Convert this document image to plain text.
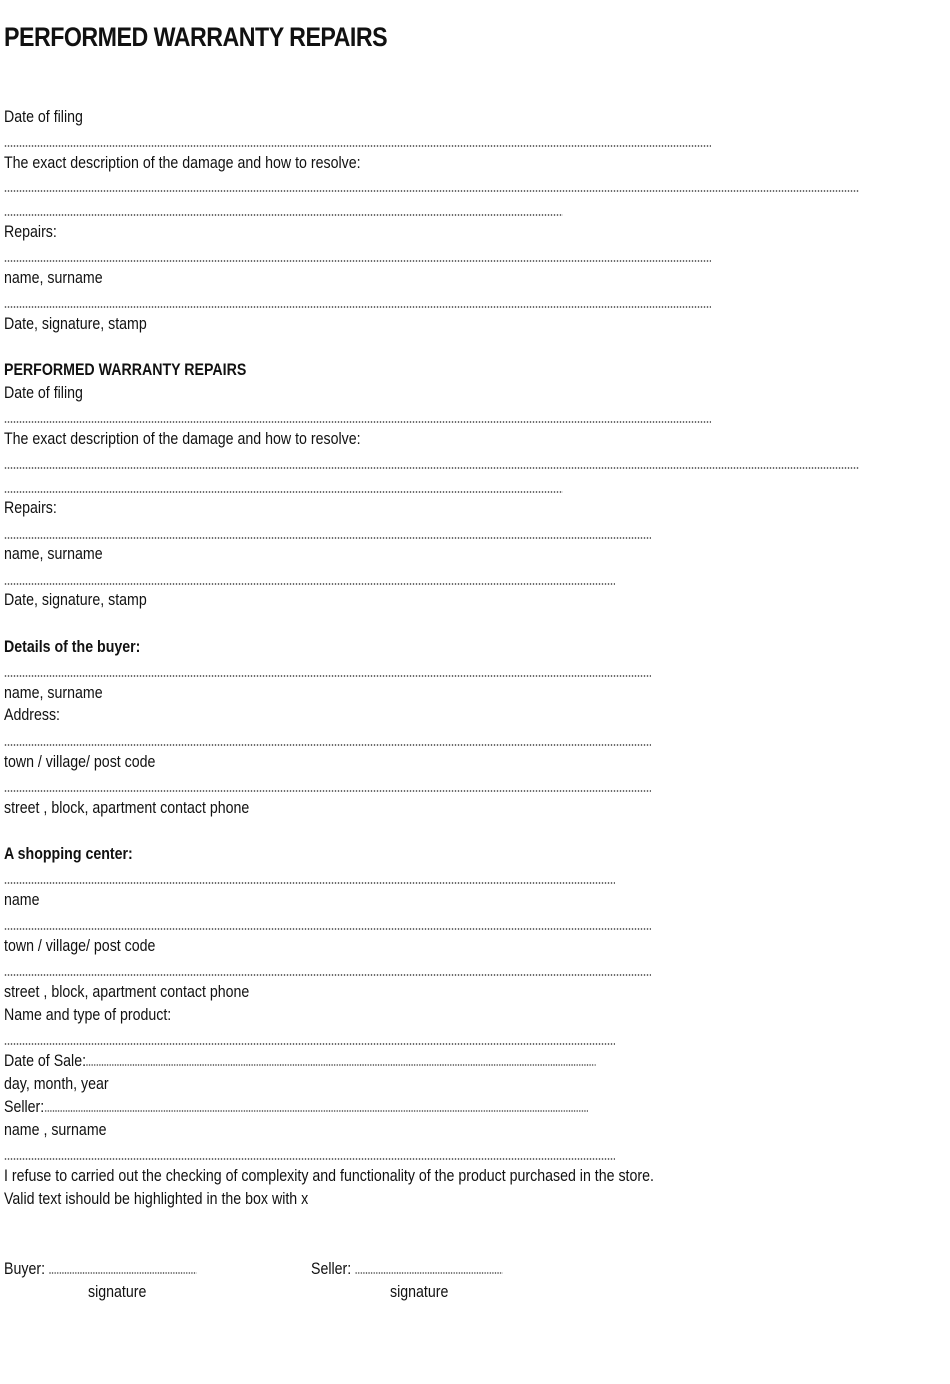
PERFORMED WARRANTY REPAIRS
Date of filing
The exact description of the damage and how to resolve:
Repairs:
name, surname
Date, signature, stamp
PERFORMED WARRANTY REPAIRS
Date of filing
The exact description of the damage and how to resolve:
Repairs:
name, surname
Date, signature, stamp
Details of the buyer:
name, surname
Address:
town / village/ post code
street , block, apartment contact phone
A shopping center:
name
town / village/ post code
street , block, apartment contact phone
Name and type of product:
Date of Sale:
day, month, year
Seller:
name , surname
I refuse to carried out the checking of complexity and functionality of the product purchased in the store.
Valid text ishould be highlighted in the box with x
Buyer:	Seller:
signature	signature
